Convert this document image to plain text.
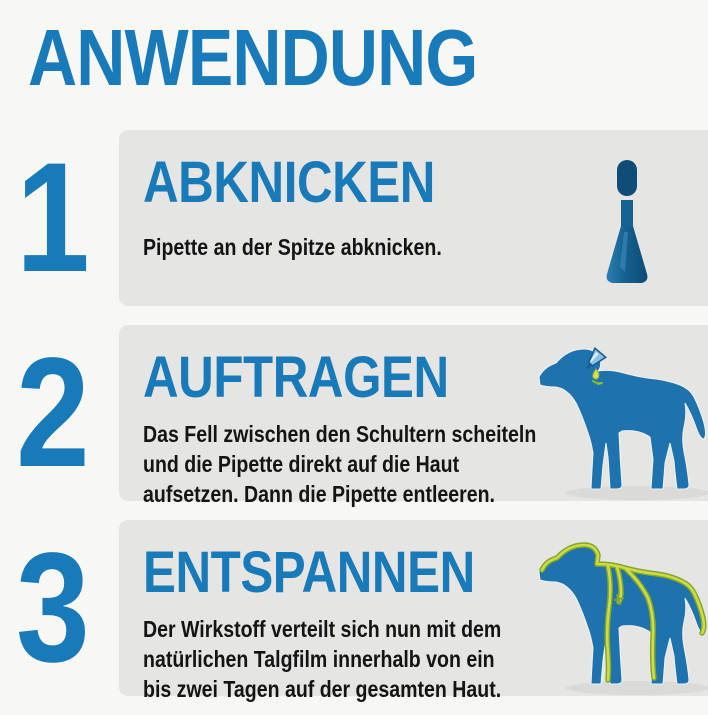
ANWENDUNG
1 ABKNICKEN

Pipette an der Spitze abknicken.

2 AUFTRAGEN

Das Fell zwischen den Schultern scheiteln
und die Pipette direkt auf die Haut
aufsetzen. Dann die Pipette entleeren.

3 ENTSPANNEN

Der Wirkstoff verteilt sich nun mit dem
natürlichen Talgfilm innerhalb von ein
bis zwei Tagen auf der gesamten Haut.
